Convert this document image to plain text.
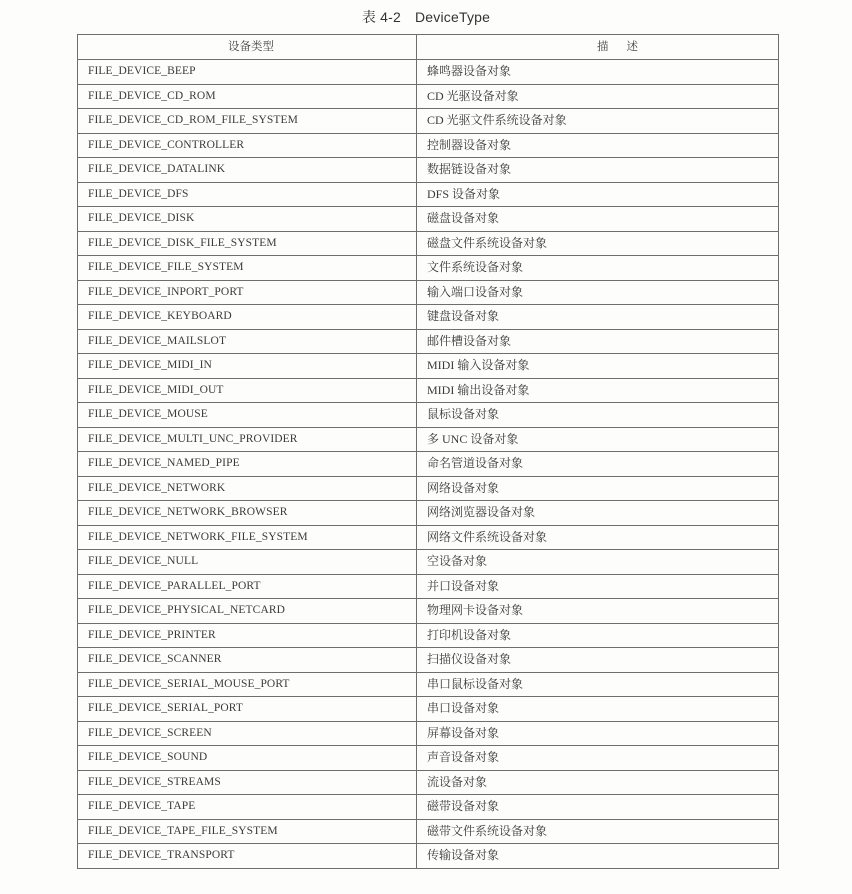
表 4-2 DeviceType
设备类型	描述
FILE_DEVICE_BEEP	蜂鸣器设备对象
FILE_DEVICE_CD_ROM	CD 光驱设备对象
FILE_DEVICE_CD_ROM_FILE_SYSTEM	CD 光驱文件系统设备对象
FILE_DEVICE_CONTROLLER	控制器设备对象
FILE_DEVICE_DATALINK	数据链设备对象
FILE_DEVICE_DFS	DFS 设备对象
FILE_DEVICE_DISK	磁盘设备对象
FILE_DEVICE_DISK_FILE_SYSTEM	磁盘文件系统设备对象
FILE_DEVICE_FILE_SYSTEM	文件系统设备对象
FILE_DEVICE_INPORT_PORT	输入端口设备对象
FILE_DEVICE_KEYBOARD	键盘设备对象
FILE_DEVICE_MAILSLOT	邮件槽设备对象
FILE_DEVICE_MIDI_IN	MIDI 输入设备对象
FILE_DEVICE_MIDI_OUT	MIDI 输出设备对象
FILE_DEVICE_MOUSE	鼠标设备对象
FILE_DEVICE_MULTI_UNC_PROVIDER	多 UNC 设备对象
FILE_DEVICE_NAMED_PIPE	命名管道设备对象
FILE_DEVICE_NETWORK	网络设备对象
FILE_DEVICE_NETWORK_BROWSER	网络浏览器设备对象
FILE_DEVICE_NETWORK_FILE_SYSTEM	网络文件系统设备对象
FILE_DEVICE_NULL	空设备对象
FILE_DEVICE_PARALLEL_PORT	并口设备对象
FILE_DEVICE_PHYSICAL_NETCARD	物理网卡设备对象
FILE_DEVICE_PRINTER	打印机设备对象
FILE_DEVICE_SCANNER	扫描仪设备对象
FILE_DEVICE_SERIAL_MOUSE_PORT	串口鼠标设备对象
FILE_DEVICE_SERIAL_PORT	串口设备对象
FILE_DEVICE_SCREEN	屏幕设备对象
FILE_DEVICE_SOUND	声音设备对象
FILE_DEVICE_STREAMS	流设备对象
FILE_DEVICE_TAPE	磁带设备对象
FILE_DEVICE_TAPE_FILE_SYSTEM	磁带文件系统设备对象
FILE_DEVICE_TRANSPORT	传输设备对象
